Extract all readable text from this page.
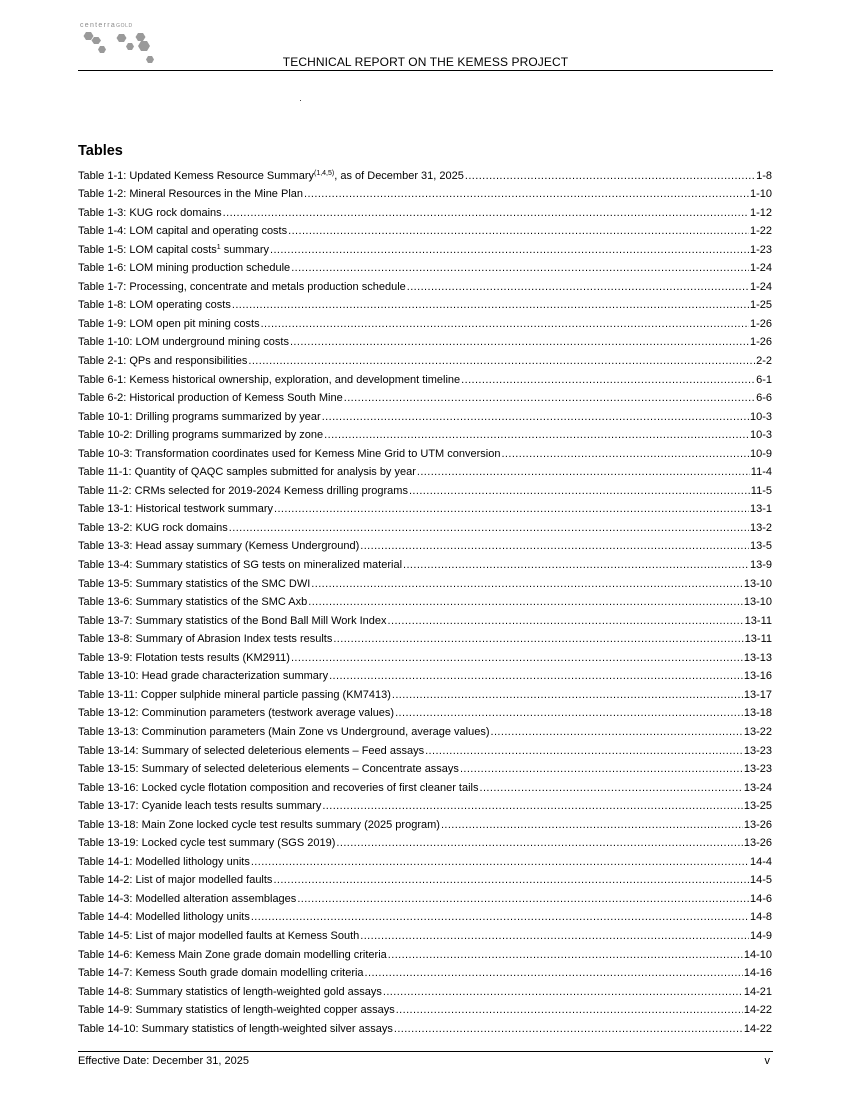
centerraGOLD
TECHNICAL REPORT ON THE KEMESS PROJECT
Tables
Table 1-1: Updated Kemess Resource Summary$^{(1,4,5)}$, as of December 31, 2025 .....	1-8
Table 1-2: Mineral Resources in the Mine Plan .....	1-10
Table 1-3: KUG rock domains .....	1-12
Table 1-4: LOM capital and operating costs .....	1-22
Table 1-5: LOM capital costs$^1$ summary .....	1-23
Table 1-6: LOM mining production schedule .....	1-24
Table 1-7: Processing, concentrate and metals production schedule .....	1-24
Table 1-8: LOM operating costs .....	1-25
Table 1-9: LOM open pit mining costs .....	1-26
Table 1-10: LOM underground mining costs .....	1-26
Table 2-1: QPs and responsibilities .....	2-2
Table 6-1: Kemess historical ownership, exploration, and development timeline .....	6-1
Table 6-2: Historical production of Kemess South Mine .....	6-6
Table 10-1: Drilling programs summarized by year .....	10-3
Table 10-2: Drilling programs summarized by zone .....	10-3
Table 10-3: Transformation coordinates used for Kemess Mine Grid to UTM conversion .....	10-9
Table 11-1: Quantity of QAQC samples submitted for analysis by year .....	11-4
Table 11-2: CRMs selected for 2019-2024 Kemess drilling programs .....	11-5
Table 13-1: Historical testwork summary .....	13-1
Table 13-2: KUG rock domains .....	13-2
Table 13-3: Head assay summary (Kemess Underground) .....	13-5
Table 13-4: Summary statistics of SG tests on mineralized material .....	13-9
Table 13-5: Summary statistics of the SMC DWI .....	13-10
Table 13-6: Summary statistics of the SMC Axb .....	13-10
Table 13-7: Summary statistics of the Bond Ball Mill Work Index .....	13-11
Table 13-8: Summary of Abrasion Index tests results .....	13-11
Table 13-9: Flotation tests results (KM2911) .....	13-13
Table 13-10: Head grade characterization summary .....	13-16
Table 13-11: Copper sulphide mineral particle passing (KM7413) .....	13-17
Table 13-12: Comminution parameters (testwork average values) .....	13-18
Table 13-13: Comminution parameters (Main Zone vs Underground, average values) .....	13-22
Table 13-14: Summary of selected deleterious elements – Feed assays .....	13-23
Table 13-15: Summary of selected deleterious elements – Concentrate assays .....	13-23
Table 13-16: Locked cycle flotation composition and recoveries of first cleaner tails .....	13-24
Table 13-17: Cyanide leach tests results summary .....	13-25
Table 13-18: Main Zone locked cycle test results summary (2025 program) .....	13-26
Table 13-19: Locked cycle test summary (SGS 2019) .....	13-26
Table 14-1: Modelled lithology units .....	14-4
Table 14-2: List of major modelled faults .....	14-5
Table 14-3: Modelled alteration assemblages .....	14-6
Table 14-4: Modelled lithology units .....	14-8
Table 14-5: List of major modelled faults at Kemess South .....	14-9
Table 14-6: Kemess Main Zone grade domain modelling criteria .....	14-10
Table 14-7: Kemess South grade domain modelling criteria .....	14-16
Table 14-8: Summary statistics of length-weighted gold assays .....	14-21
Table 14-9: Summary statistics of length-weighted copper assays .....	14-22
Table 14-10: Summary statistics of length-weighted silver assays .....	14-22
Effective Date: December 31, 2025	v
